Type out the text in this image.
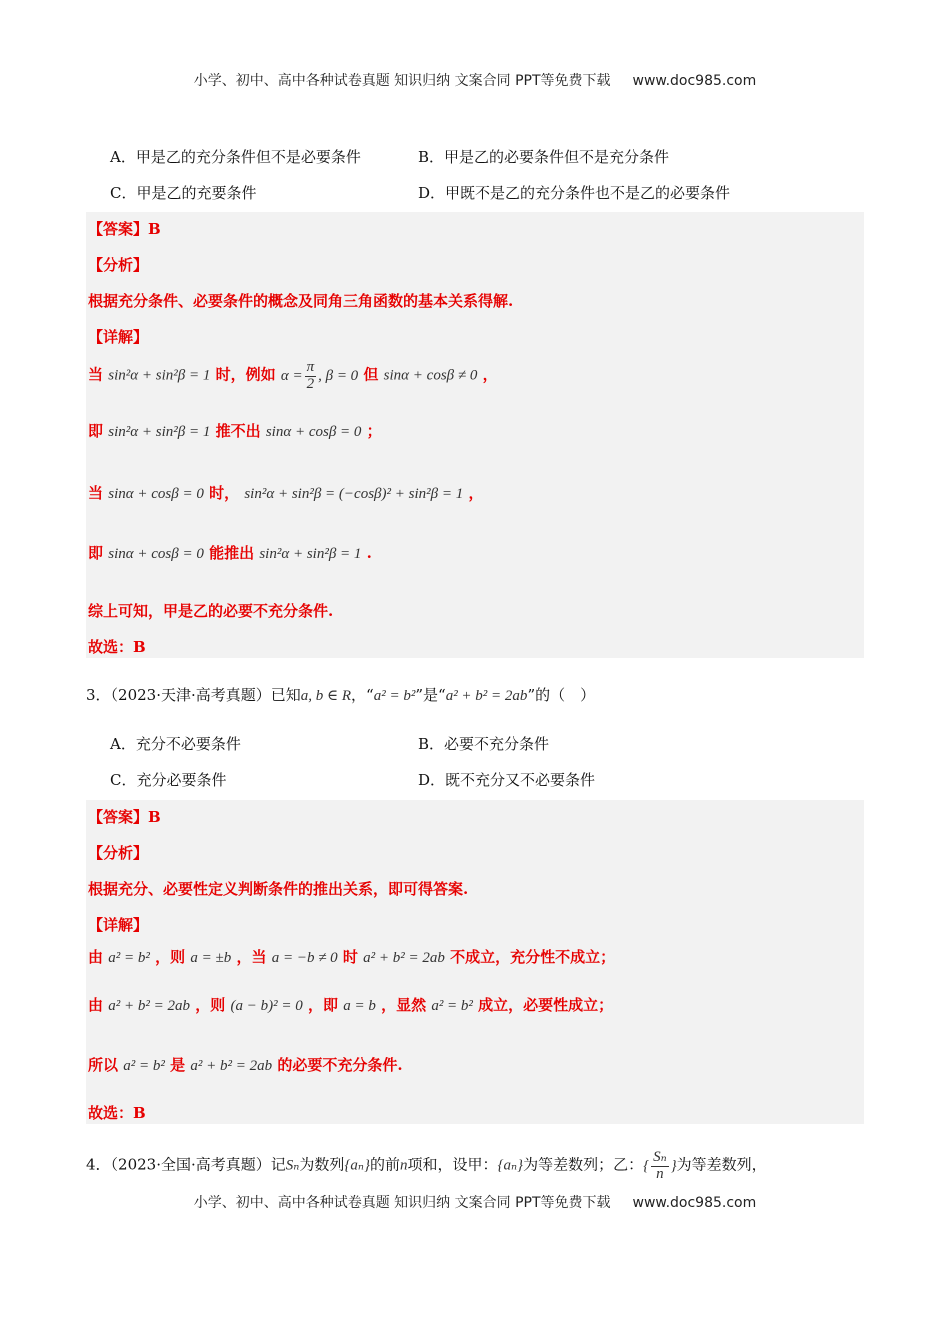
小学、初中、高中各种试卷真题 知识归纳 文案合同 PPT等免费下载 www.doc985.com
A．甲是乙的充分条件但不是必要条件	B．甲是乙的必要条件但不是充分条件
C．甲是乙的充要条件	D．甲既不是乙的充分条件也不是乙的必要条件
【答案】B
【分析】
根据充分条件、必要条件的概念及同角三角函数的基本关系得解.
【详解】
当 sin²α + sin²β = 1 时，例如 $\alpha = \frac{\pi}{2}$ , β = 0 但 sinα + cosβ ≠ 0 ，
即 sin²α + sin²β = 1 推不出 sinα + cosβ = 0 ；
当 sinα + cosβ = 0 时， sin²α + sin²β = (−cosβ)² + sin²β = 1 ，
即 sinα + cosβ = 0 能推出 sin²α + sin²β = 1 .
综上可知，甲是乙的必要不充分条件.
故选：B
3．（2023·天津·高考真题）已知a, b ∈ R，“a² = b²”是“a² + b² = 2ab”的（　）
A．充分不必要条件	B．必要不充分条件
C．充分必要条件	D．既不充分又不必要条件
【答案】B
【分析】
根据充分、必要性定义判断条件的推出关系，即可得答案.
【详解】
由 a² = b² ，则 a = ±b ，当 a = −b ≠ 0 时 a² + b² = 2ab 不成立，充分性不成立；
由 a² + b² = 2ab ，则 (a − b)² = 0 ，即 a = b ，显然 a² = b² 成立，必要性成立；
所以 a² = b² 是 a² + b² = 2ab 的必要不充分条件.
故选：B
4．（2023·全国·高考真题）记Sₙ为数列{aₙ}的前n项和，设甲：{aₙ}为等差数列；乙：{ $\frac{\text{Sₙ}}{n}$ }为等差数列，
小学、初中、高中各种试卷真题 知识归纳 文案合同 PPT等免费下载 www.doc985.com
